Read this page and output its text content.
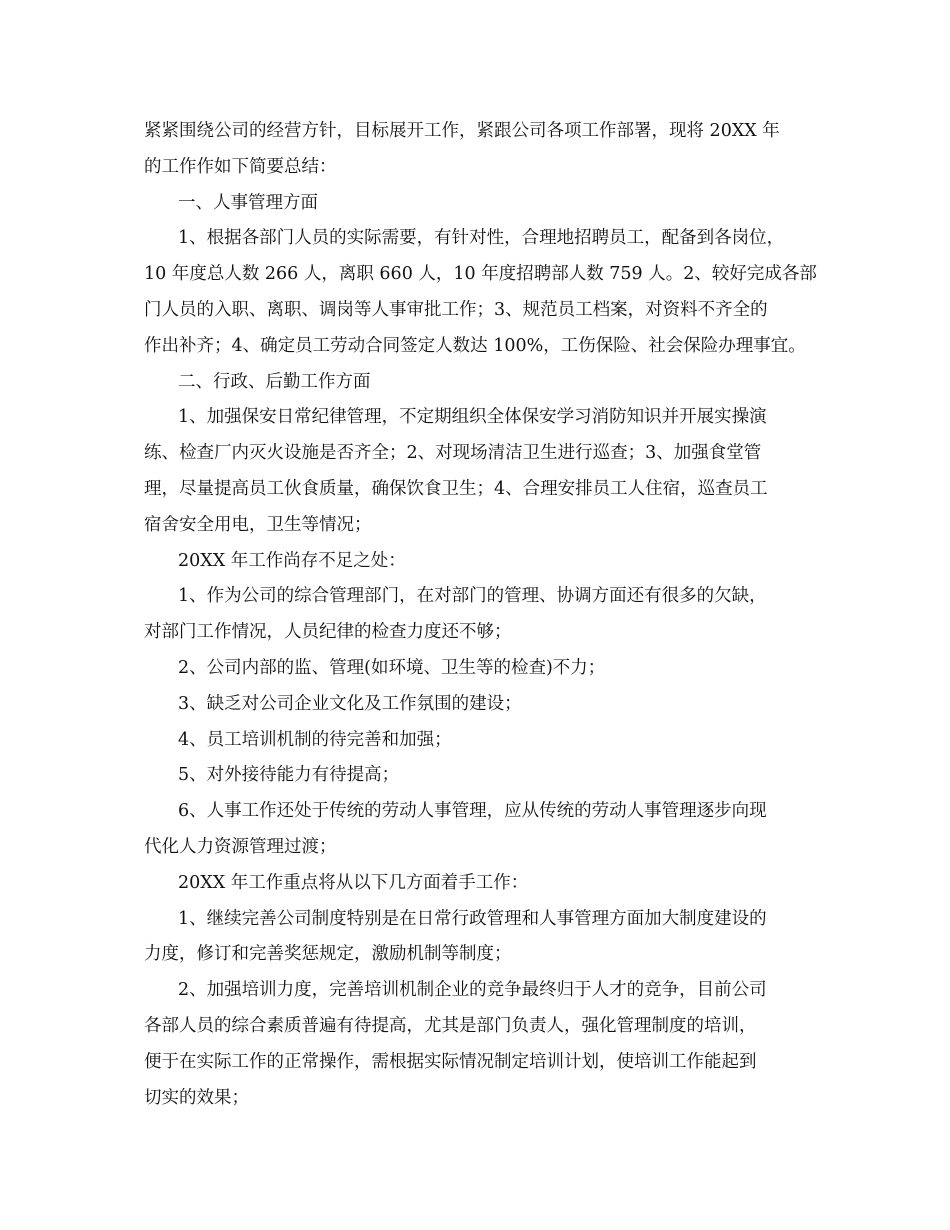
紧紧围绕公司的经营方针，目标展开工作，紧跟公司各项工作部署，现将 20XX 年
的工作作如下简要总结：
一、人事管理方面
1、根据各部门人员的实际需要，有针对性，合理地招聘员工，配备到各岗位，
10 年度总人数 266 人，离职 660 人，10 年度招聘部人数 759 人。2、较好完成各部
门人员的入职、离职、调岗等人事审批工作；3、规范员工档案，对资料不齐全的
作出补齐；4、确定员工劳动合同签定人数达 100%，工伤保险、社会保险办理事宜。
二、行政、后勤工作方面
1、加强保安日常纪律管理，不定期组织全体保安学习消防知识并开展实操演
练、检查厂内灭火设施是否齐全；2、对现场清洁卫生进行巡查；3、加强食堂管
理，尽量提高员工伙食质量，确保饮食卫生；4、合理安排员工人住宿，巡查员工
宿舍安全用电，卫生等情况；
20XX 年工作尚存不足之处：
1、作为公司的综合管理部门，在对部门的管理、协调方面还有很多的欠缺，
对部门工作情况，人员纪律的检查力度还不够；
2、公司内部的监、管理(如环境、卫生等的检查)不力；
3、缺乏对公司企业文化及工作氛围的建设；
4、员工培训机制的待完善和加强；
5、对外接待能力有待提高；
6、人事工作还处于传统的劳动人事管理，应从传统的劳动人事管理逐步向现
代化人力资源管理过渡；
20XX 年工作重点将从以下几方面着手工作：
1、继续完善公司制度特别是在日常行政管理和人事管理方面加大制度建设的
力度，修订和完善奖惩规定，激励机制等制度；
2、加强培训力度，完善培训机制企业的竞争最终归于人才的竞争，目前公司
各部人员的综合素质普遍有待提高，尤其是部门负责人，强化管理制度的培训，
便于在实际工作的正常操作，需根据实际情况制定培训计划，使培训工作能起到
切实的效果；
